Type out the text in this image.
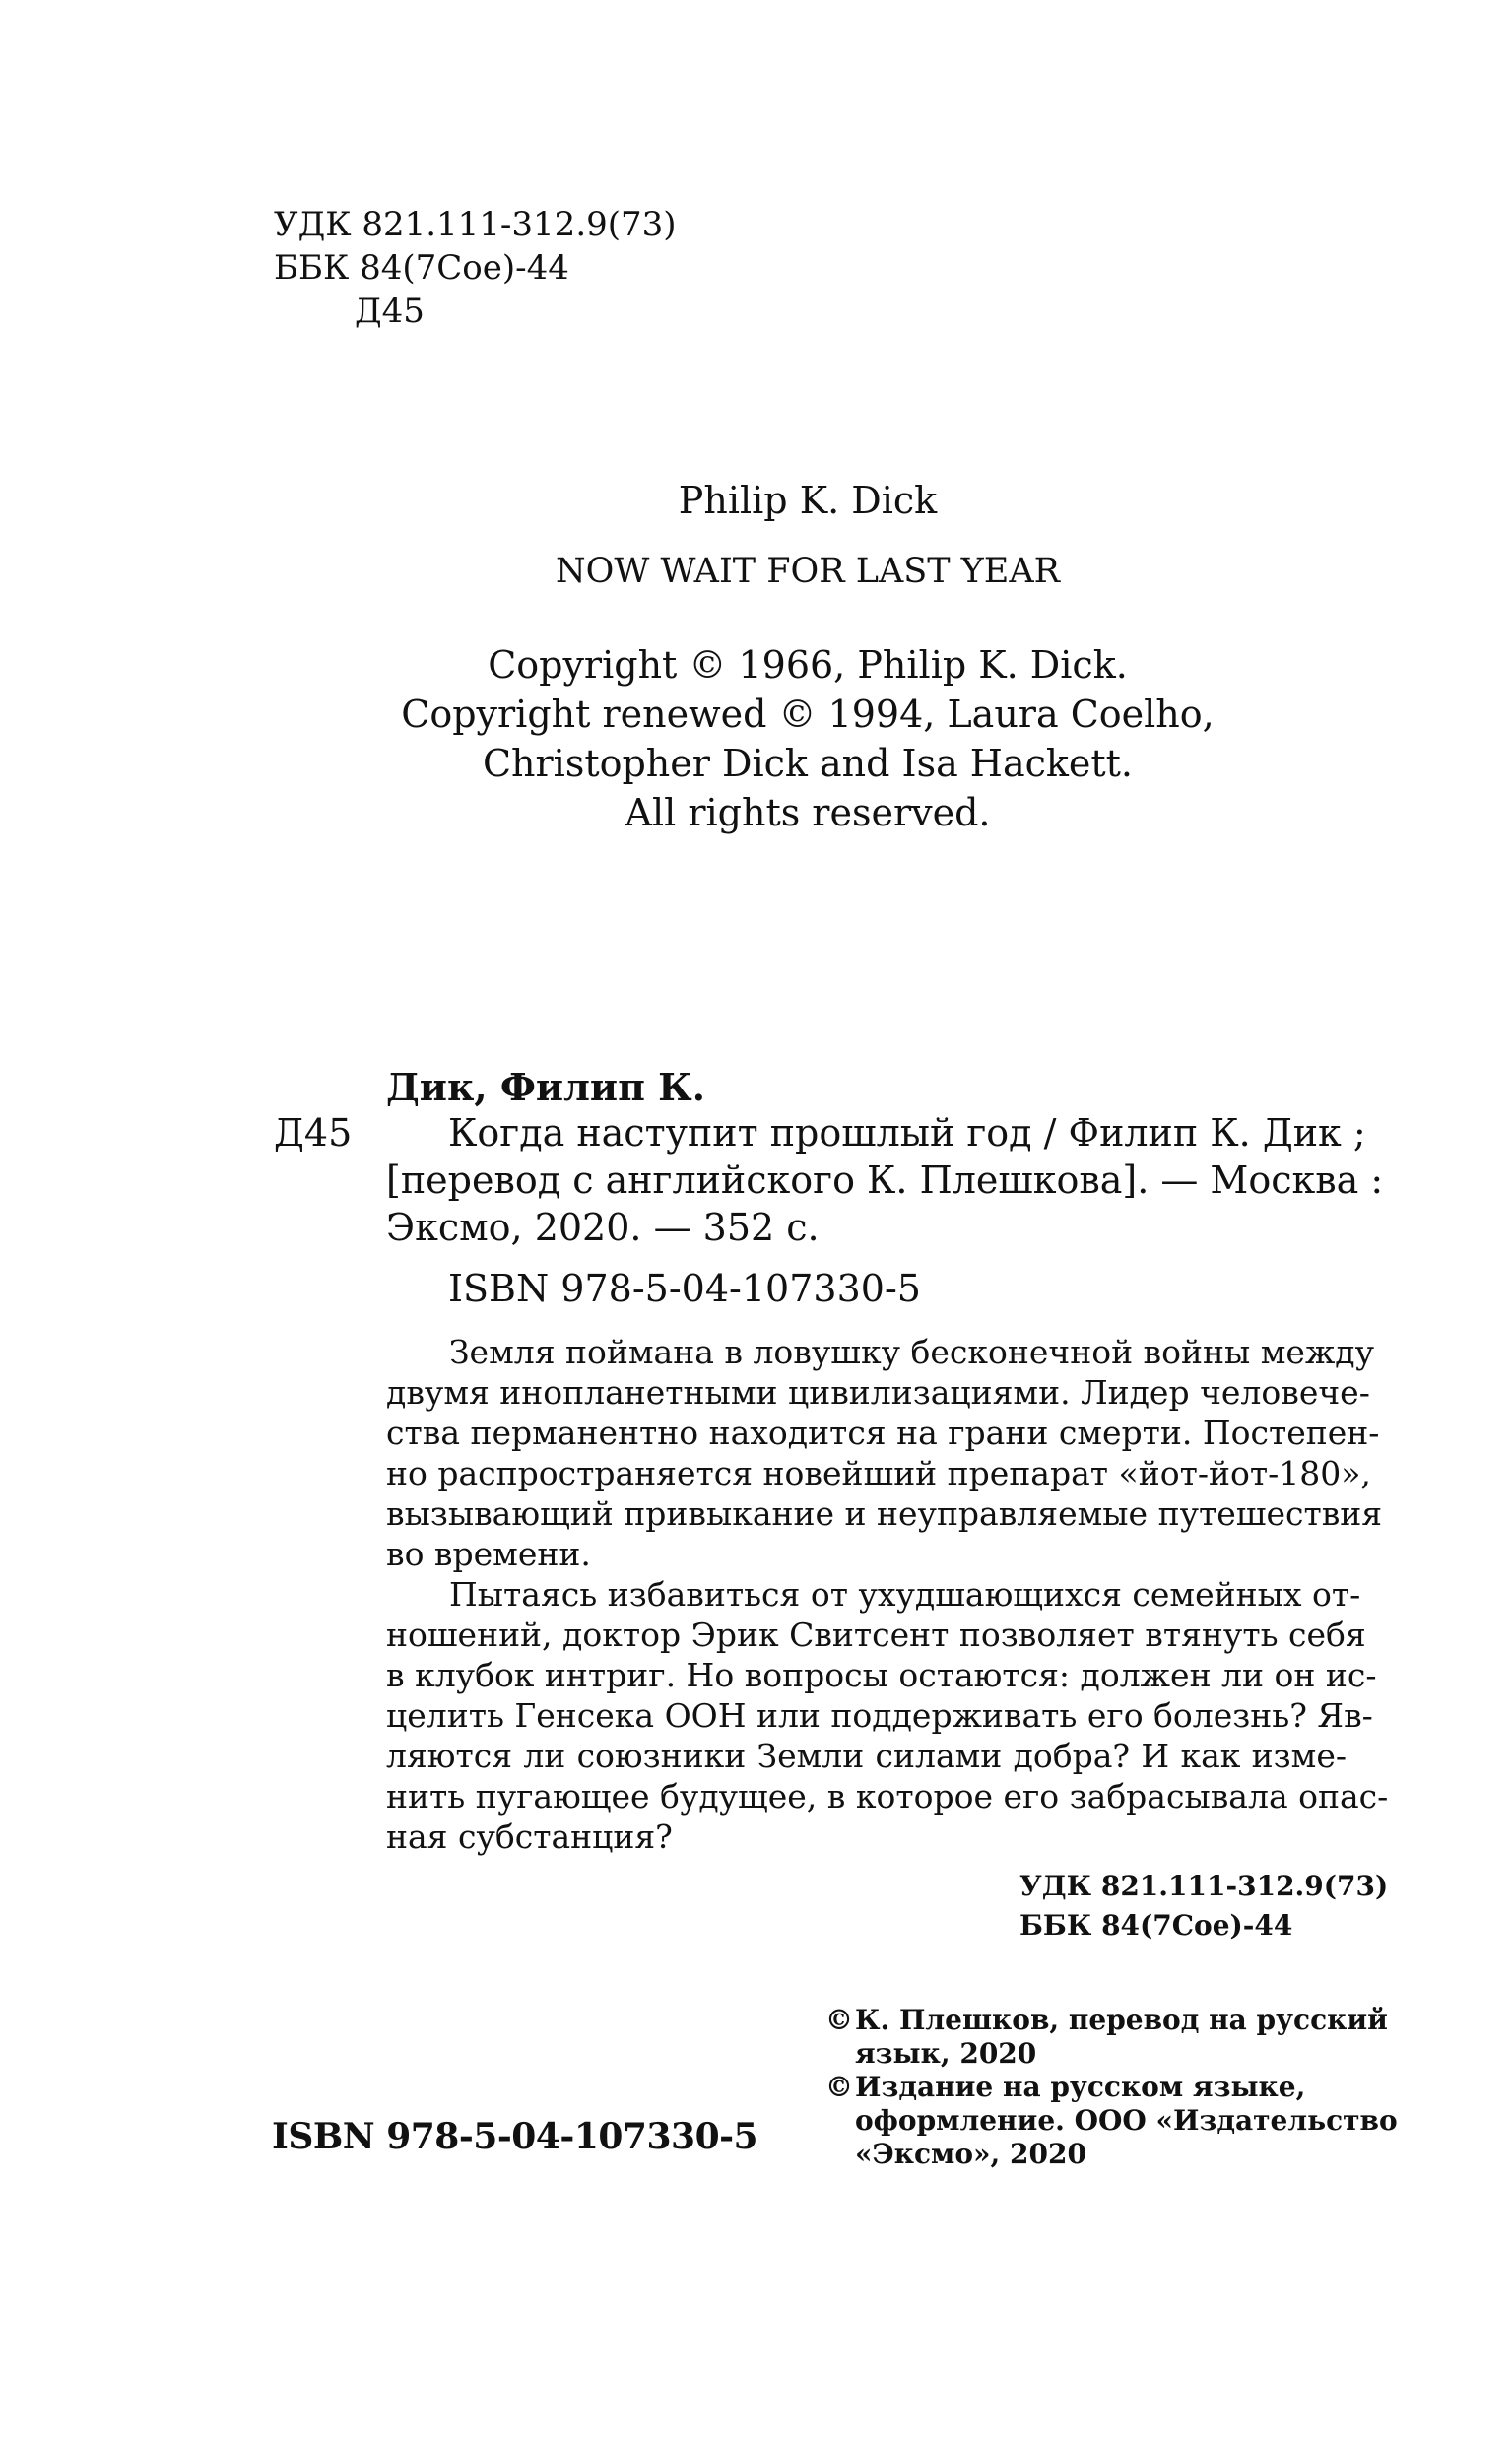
УДК 821.111-312.9(73)
ББК 84(7Сое)-44
Д45
Philip K. Dick
NOW WAIT FOR LAST YEAR
Copyright © 1966, Philip K. Dick.
Copyright renewed © 1994, Laura Coelho,
Christopher Dick and Isa Hackett.
All rights reserved.
Дик, Филип К.
Д45	Когда наступит прошлый год / Филип К. Дик ;
[перевод с английского К. Плешкова]. — Москва :
Эксмо, 2020. — 352 с.
ISBN 978-5-04-107330-5

Земля поймана в ловушку бесконечной войны между
двумя инопланетными цивилизациями. Лидер человече-
ства перманентно находится на грани смерти. Постепен-
но распространяется новейший препарат «йот-йот-180»,
вызывающий привыкание и неуправляемые путешествия
во времени.

Пытаясь избавиться от ухудшающихся семейных от-
ношений, доктор Эрик Свитсент позволяет втянуть себя
в клубок интриг. Но вопросы остаются: должен ли он ис-
целить Генсека ООН или поддерживать его болезнь? Яв-
ляются ли союзники Земли силами добра? И как изме-
нить пугающее будущее, в которое его забрасывала опас-
ная субстанция?

УДК 821.111-312.9(73)
ББК 84(7Сое)-44
© К. Плешков, перевод на русский
язык, 2020
© Издание на русском языке,
оформление. ООО «Издательство
«Эксмо», 2020
ISBN 978-5-04-107330-5
